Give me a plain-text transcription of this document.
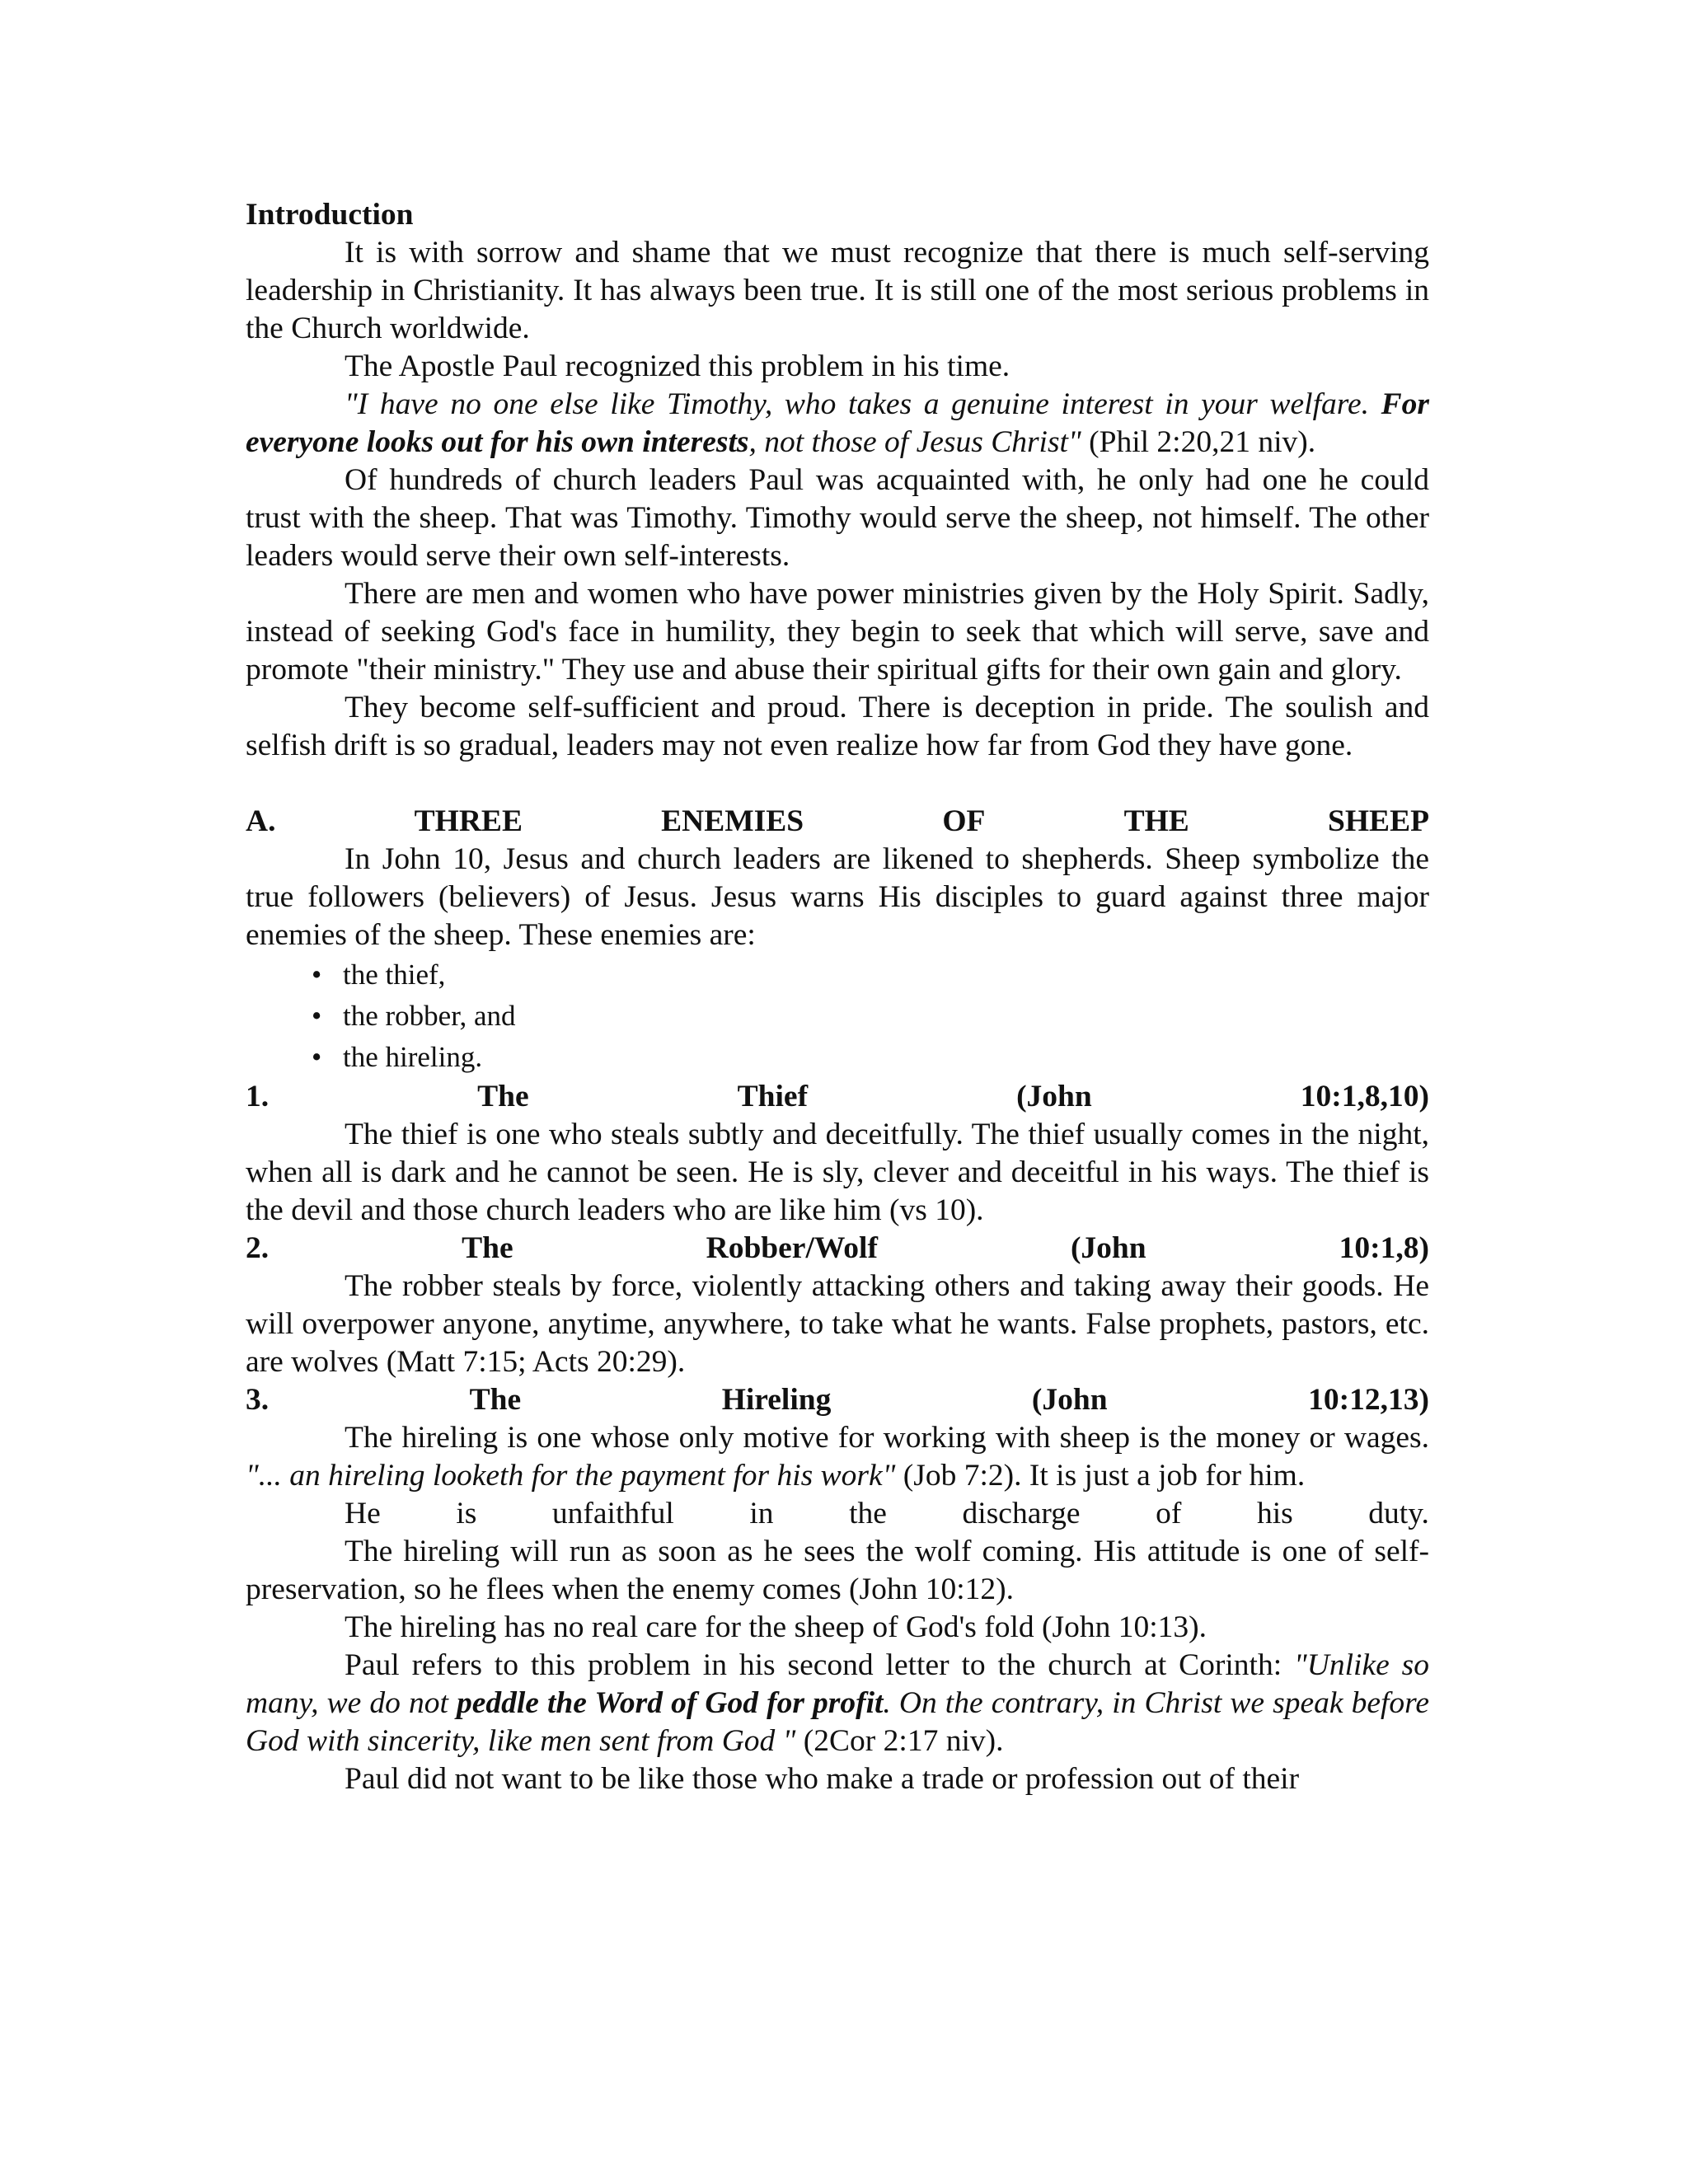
Introduction

It is with sorrow and shame that we must recognize that there is much self-serving leadership in Christianity. It has always been true. It is still one of the most serious problems in the Church worldwide.

The Apostle Paul recognized this problem in his time.

"I have no one else like Timothy, who takes a genuine interest in your welfare. For everyone looks out for his own interests, not those of Jesus Christ" (Phil 2:20,21 niv).

Of hundreds of church leaders Paul was acquainted with, he only had one he could trust with the sheep. That was Timothy. Timothy would serve the sheep, not himself. The other leaders would serve their own self-interests.

There are men and women who have power ministries given by the Holy Spirit. Sadly, instead of seeking God's face in humility, they begin to seek that which will serve, save and promote "their ministry." They use and abuse their spiritual gifts for their own gain and glory.

They become self-sufficient and proud. There is deception in pride. The soulish and selfish drift is so gradual, leaders may not even realize how far from God they have gone.

A.	THREE	ENEMIES	OF	THE	SHEEP

In John 10, Jesus and church leaders are likened to shepherds. Sheep symbolize the true followers (believers) of Jesus. Jesus warns His disciples to guard against three major enemies of the sheep. These enemies are:

• the thief,
• the robber, and
• the hireling.
1.	The	Thief	(John	10:1,8,10)

The thief is one who steals subtly and deceitfully. The thief usually comes in the night, when all is dark and he cannot be seen. He is sly, clever and deceitful in his ways. The thief is the devil and those church leaders who are like him (vs 10).

2.	The	Robber/Wolf	(John	10:1,8)

The robber steals by force, violently attacking others and taking away their goods. He will overpower anyone, anytime, anywhere, to take what he wants. False prophets, pastors, etc. are wolves (Matt 7:15; Acts 20:29).

3.	The	Hireling	(John	10:12,13)

The hireling is one whose only motive for working with sheep is the money or wages. "... an hireling looketh for the payment for his work" (Job 7:2). It is just a job for him.

He is unfaithful in the discharge of his duty.

The hireling will run as soon as he sees the wolf coming. His attitude is one of self-preservation, so he flees when the enemy comes (John 10:12).

The hireling has no real care for the sheep of God's fold (John 10:13).

Paul refers to this problem in his second letter to the church at Corinth: "Unlike so many, we do not peddle the Word of God for profit. On the contrary, in Christ we speak before God with sincerity, like men sent from God " (2Cor 2:17 niv).

Paul did not want to be like those who make a trade or profession out of their
